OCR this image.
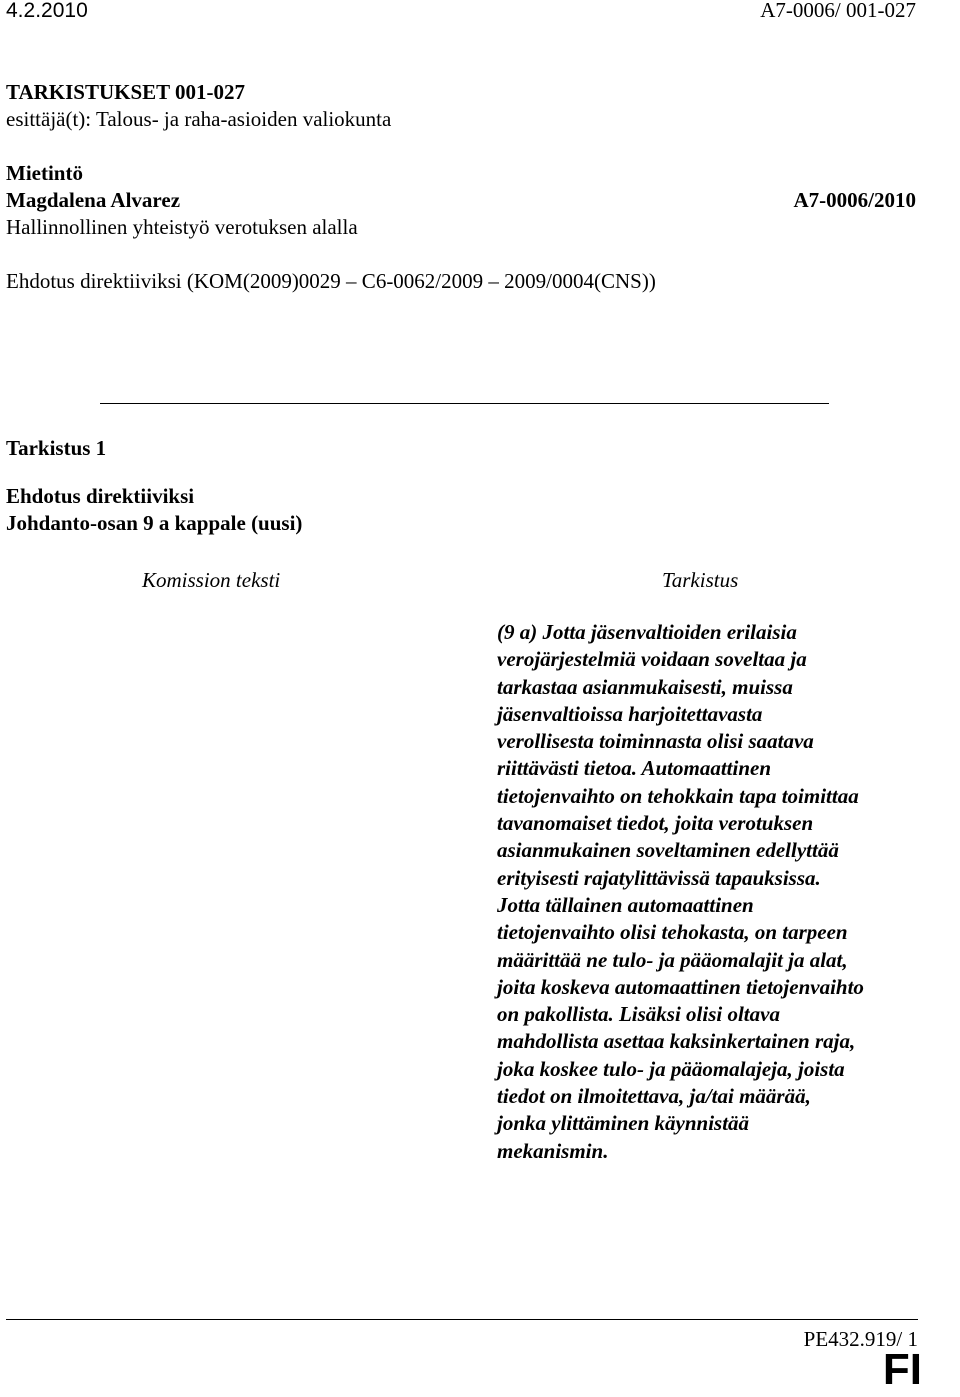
4.2.2010	A7-0006/ 001-027
TARKISTUKSET 001-027
esittäjä(t): Talous- ja raha-asioiden valiokunta
Mietintö
Magdalena Alvarez	A7-0006/2010
Hallinnollinen yhteistyö verotuksen alalla
Ehdotus direktiiviksi (KOM(2009)0029 – C6-0062/2009 – 2009/0004(CNS))
Tarkistus 1
Ehdotus direktiiviksi
Johdanto-osan 9 a kappale (uusi)
Komission teksti	Tarkistus
(9 a) Jotta jäsenvaltioiden erilaisia
verojärjestelmiä voidaan soveltaa ja
tarkastaa asianmukaisesti, muissa
jäsenvaltioissa harjoitettavasta
verollisesta toiminnasta olisi saatava
riittävästi tietoa. Automaattinen
tietojenvaihto on tehokkain tapa toimittaa
tavanomaiset tiedot, joita verotuksen
asianmukainen soveltaminen edellyttää
erityisesti rajatylittävissä tapauksissa.
Jotta tällainen automaattinen
tietojenvaihto olisi tehokasta, on tarpeen
määrittää ne tulo- ja pääomalajit ja alat,
joita koskeva automaattinen tietojenvaihto
on pakollista. Lisäksi olisi oltava
mahdollista asettaa kaksinkertainen raja,
joka koskee tulo- ja pääomalajeja, joista
tiedot on ilmoitettava, ja/tai määrää,
jonka ylittäminen käynnistää
mekanismin.
PE432.919/ 1
FI
